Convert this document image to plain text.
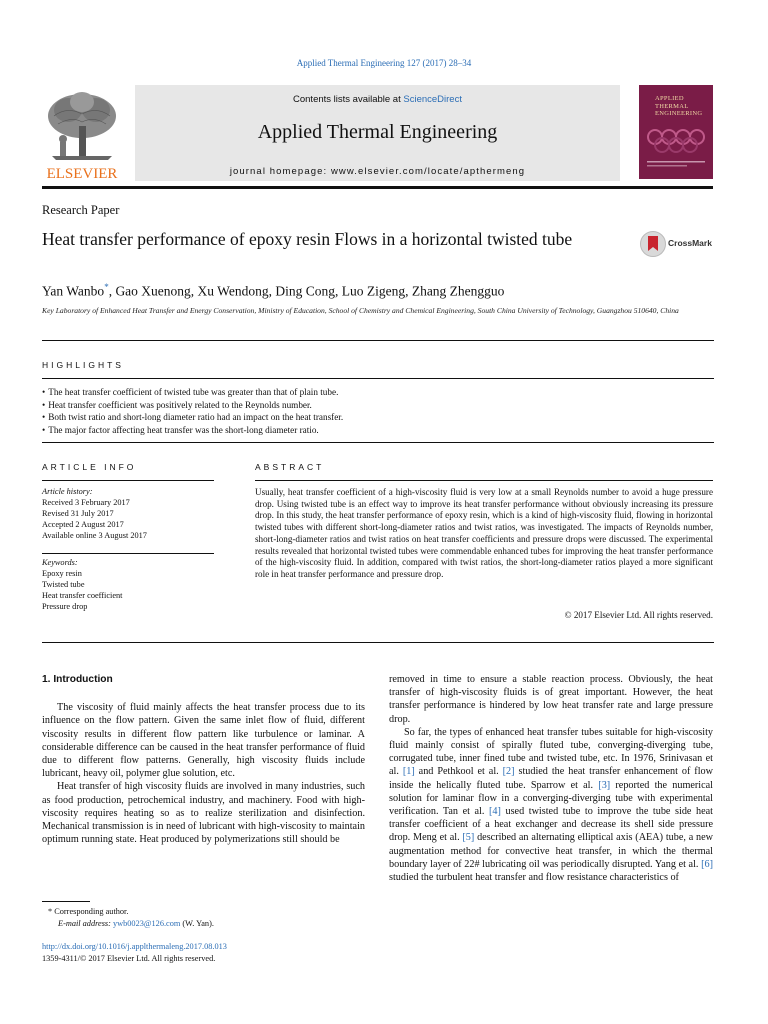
Applied Thermal Engineering 127 (2017) 28–34
ELSEVIER
Contents lists available at ScienceDirect
Applied Thermal Engineering
journal homepage: www.elsevier.com/locate/apthermeng
APPLIED
THERMAL
ENGINEERING
Research Paper
Heat transfer performance of epoxy resin Flows in a horizontal twisted tube	CrossMark
Yan Wanbo*, Gao Xuenong, Xu Wendong, Ding Cong, Luo Zigeng, Zhang Zhengguo
Key Laboratory of Enhanced Heat Transfer and Energy Conservation, Ministry of Education, School of Chemistry and Chemical Engineering, South China University of Technology, Guangzhou 510640, China
HIGHLIGHTS
• The heat transfer coefficient of twisted tube was greater than that of plain tube.
• Heat transfer coefficient was positively related to the Reynolds number.
• Both twist ratio and short-long diameter ratio had an impact on the heat transfer.
• The major factor affecting heat transfer was the short-long diameter ratio.
ARTICLE INFO
Article history:
Received 3 February 2017
Revised 31 July 2017
Accepted 2 August 2017
Available online 3 August 2017
Keywords:
Epoxy resin
Twisted tube
Heat transfer coefficient
Pressure drop
ABSTRACT
Usually, heat transfer coefficient of a high-viscosity fluid is very low at a small Reynolds number to avoid a huge pressure drop. Using twisted tube is an effect way to improve its heat transfer performance without obviously increasing its pressure drop. In this study, the heat transfer performance of epoxy resin, which is a kind of high-viscosity fluid, flowing in horizontal twisted tubes with different short-long-diameter ratios and twist ratios, was investigated. The impacts of Reynolds number, short-long-diameter ratios and twist ratios on heat transfer coefficients and pressure drops were discussed. The experimental results revealed that horizontal twisted tubes were commendable enhanced tubes for improving the heat transfer performance of the high-viscosity fluid. In addition, compared with twist ratios, the short-long-diameter ratios played a more significant role in heat transfer performance and pressure drop.
© 2017 Elsevier Ltd. All rights reserved.
1. Introduction

The viscosity of fluid mainly affects the heat transfer process due to its influence on the flow pattern. Given the same inlet flow of fluid, different viscosity results in different flow pattern like turbulence or laminar. A considerable difference can be caused in the heat transfer performance of fluid due to different flow patterns. Generally, high viscosity fluids include lubricant, heavy oil, polymer glue solution, etc.

Heat transfer of high viscosity fluids are involved in many industries, such as food production, petrochemical industry, and machinery. Food with high-viscosity requires heating so as to realize sterilization and disinfection. Mechanical transmission is in need of lubricant with high-viscosity to maintain optimum running state. Heat produced by polymerizations still should be

removed in time to ensure a stable reaction process. Obviously, the heat transfer of high-viscosity fluids is of great important. However, the heat transfer performance is hindered by low heat transfer rate and large pressure drop.

So far, the types of enhanced heat transfer tubes suitable for high-viscosity fluid mainly consist of spirally fluted tube, converging-diverging tube, corrugated tube, inner fined tube and twisted tube, etc. In 1976, Srinivasan et al. [1] and Pethkool et al. [2] studied the heat transfer enhancement of flow inside the helically fluted tube. Sparrow et al. [3] reported the numerical solution for laminar flow in a converging-diverging tube with experimental verification. Tan et al. [4] used twisted tube to improve the tube side heat transfer coefficient of a heat exchanger and decrease its shell side pressure drop. Meng et al. [5] described an alternating elliptical axis (AEA) tube, a new augmentation method for convective heat transfer, in which the thermal boundary layer of 22# lubricating oil was periodically disrupted. Yang et al. [6] studied the turbulent heat transfer and flow resistance characteristics of

* Corresponding author.
E-mail address: ywb0023@126.com (W. Yan).
http://dx.doi.org/10.1016/j.applthermaleng.2017.08.013
1359-4311/© 2017 Elsevier Ltd. All rights reserved.
